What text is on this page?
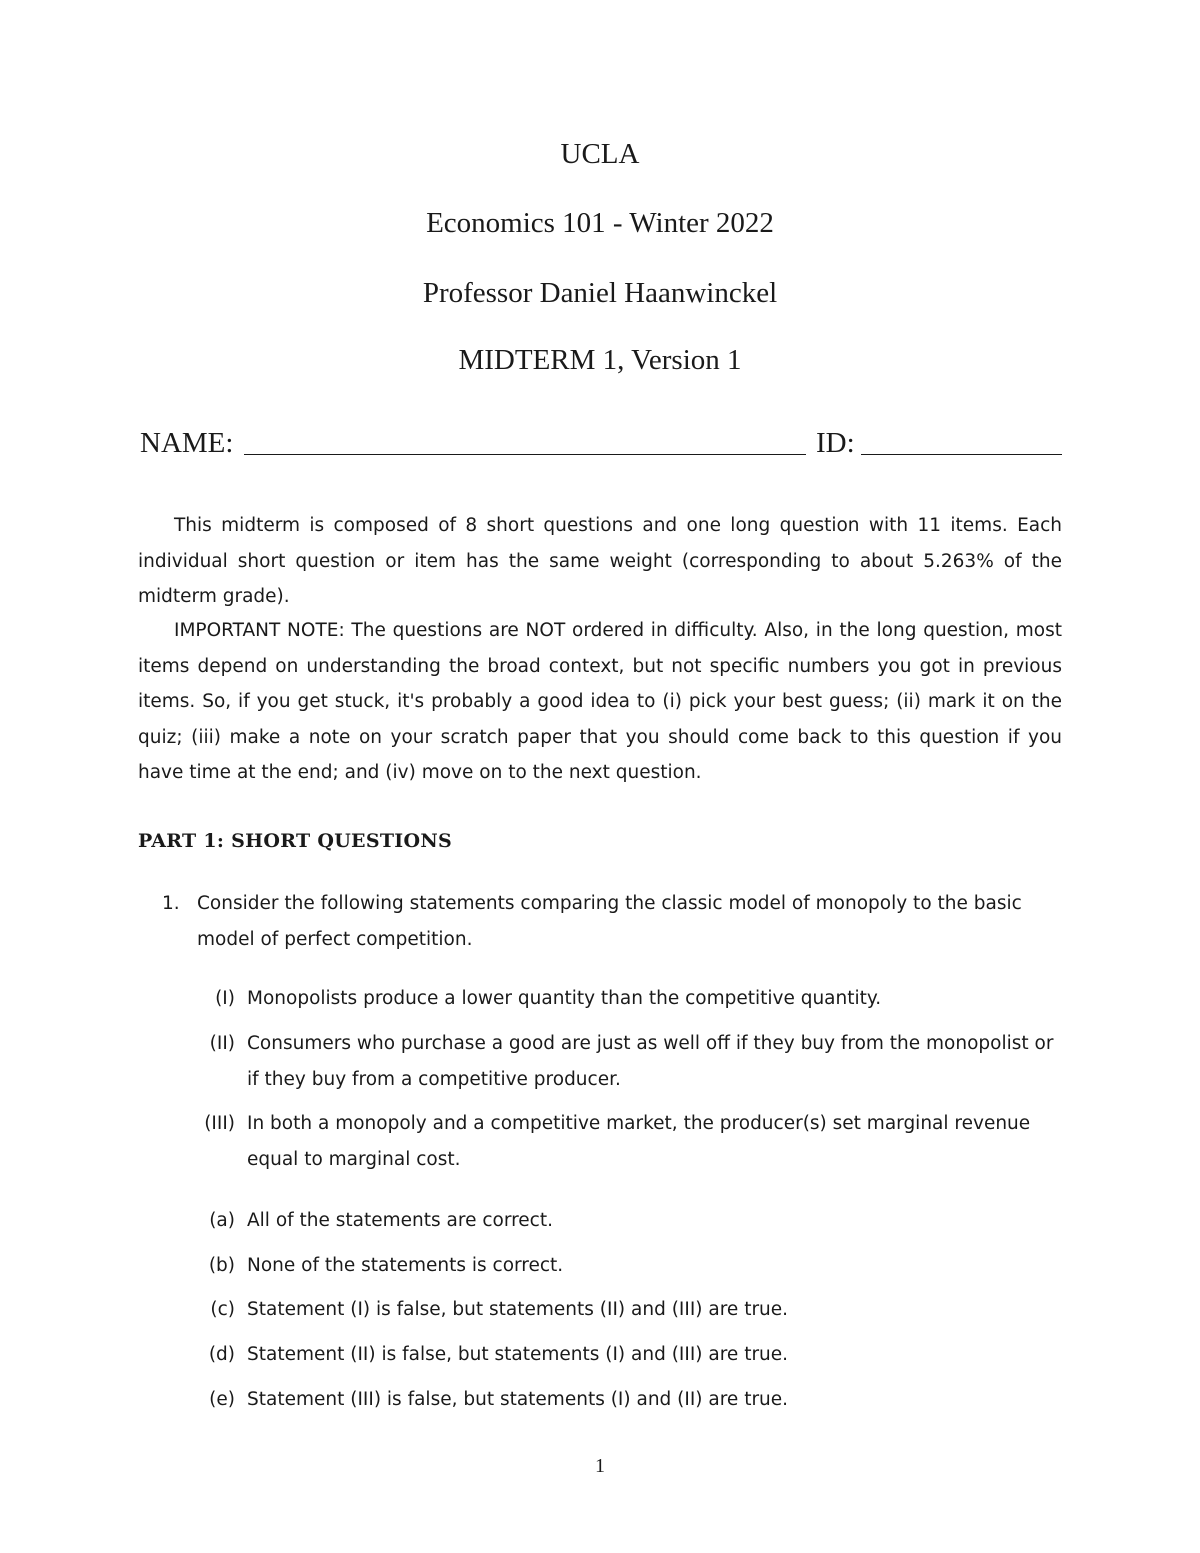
UCLA
Economics 101 - Winter 2022
Professor Daniel Haanwinckel
MIDTERM 1, Version 1
NAME:	ID:
This midterm is composed of 8 short questions and one long question with 11 items. Each individual short question or item has the same weight (corresponding to about 5.263% of the midterm grade).
IMPORTANT NOTE: The questions are NOT ordered in difficulty. Also, in the long question, most items depend on understanding the broad context, but not specific numbers you got in previous items. So, if you get stuck, it's probably a good idea to (i) pick your best guess; (ii) mark it on the quiz; (iii) make a note on your scratch paper that you should come back to this question if you have time at the end; and (iv) move on to the next question.
PART 1: SHORT QUESTIONS
1. Consider the following statements comparing the classic model of monopoly to the basic model of perfect competition.
(I) Monopolists produce a lower quantity than the competitive quantity.
(II) Consumers who purchase a good are just as well off if they buy from the monopolist or if they buy from a competitive producer.
(III) In both a monopoly and a competitive market, the producer(s) set marginal revenue equal to marginal cost.
(a) All of the statements are correct.
(b) None of the statements is correct.
(c) Statement (I) is false, but statements (II) and (III) are true.
(d) Statement (II) is false, but statements (I) and (III) are true.
(e) Statement (III) is false, but statements (I) and (II) are true.
1
